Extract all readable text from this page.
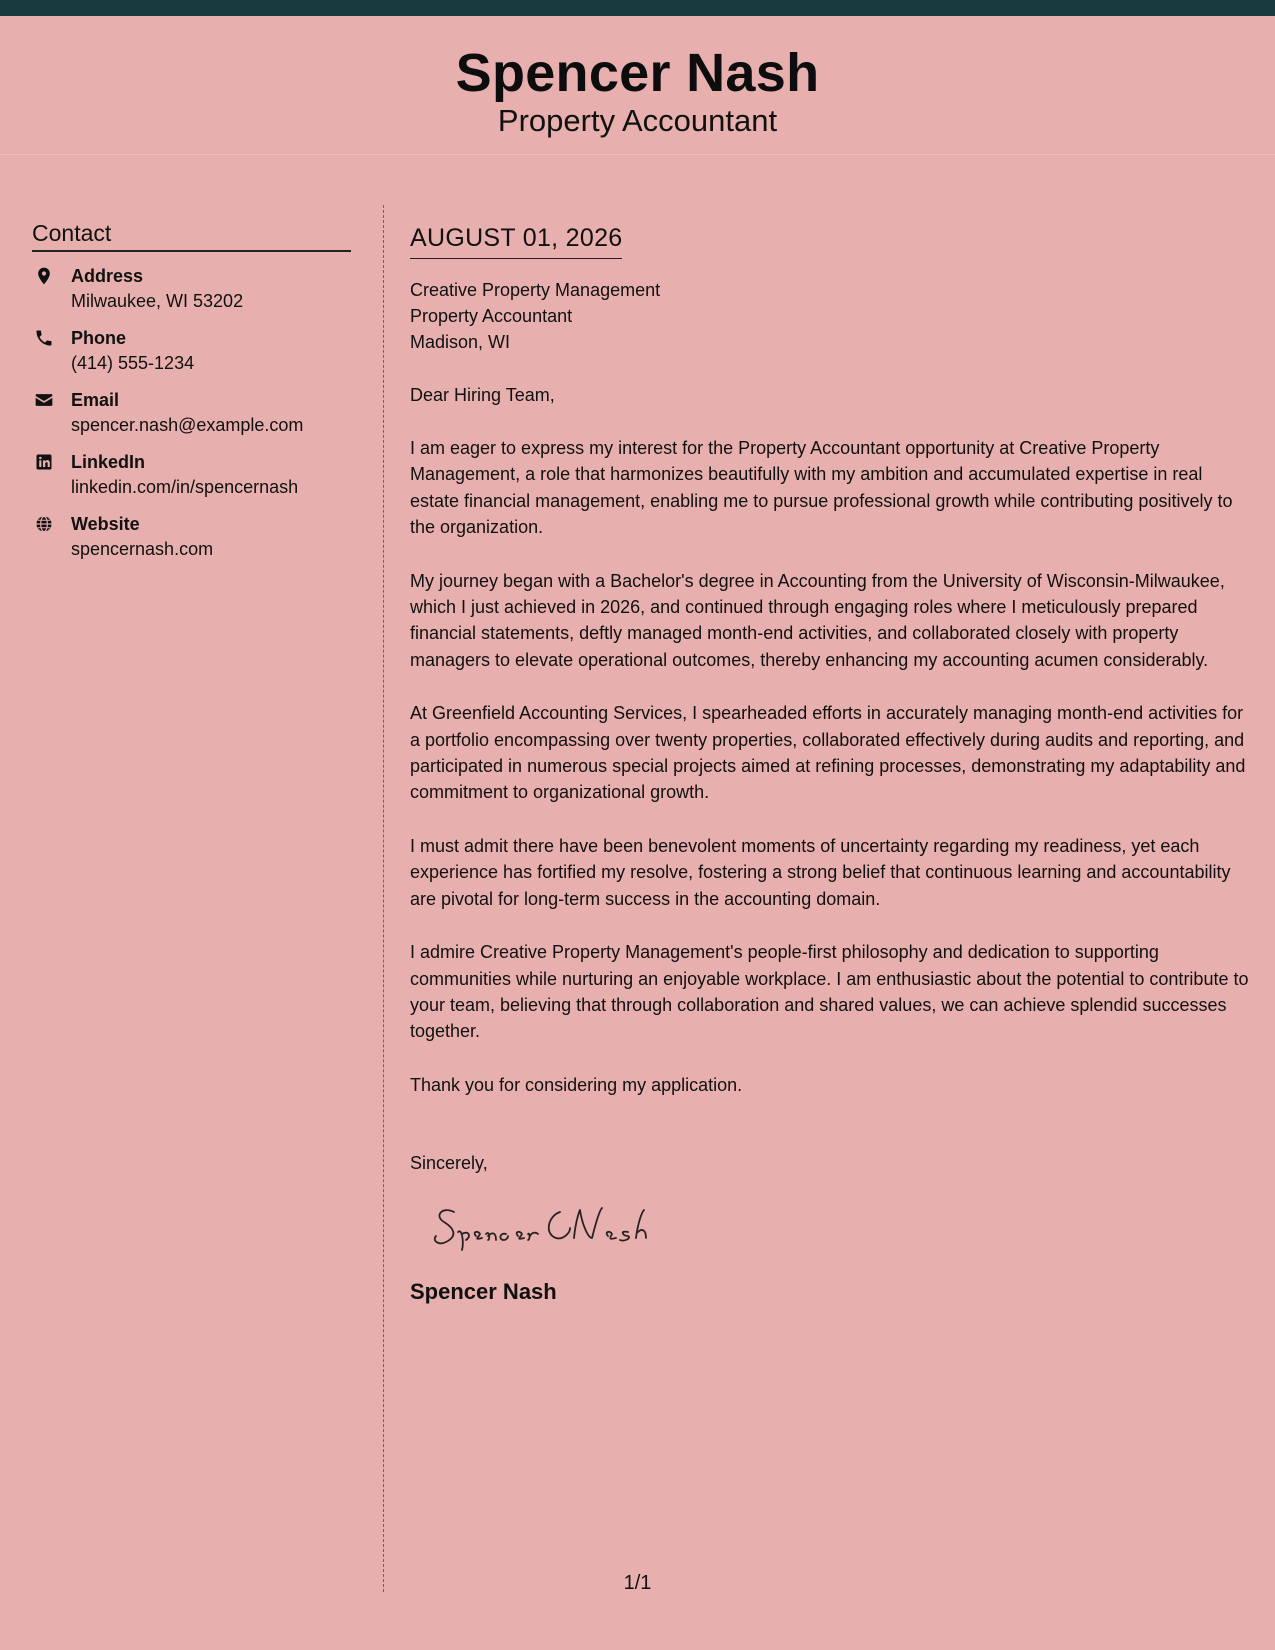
Spencer Nash
Property Accountant
Contact
Address
Milwaukee, WI 53202
Phone
(414) 555-1234
Email
spencer.nash@example.com
LinkedIn
linkedin.com/in/spencernash
Website
spencernash.com
AUGUST 01, 2026
Creative Property Management
Property Accountant
Madison, WI
Dear Hiring Team,
I am eager to express my interest for the Property Accountant opportunity at Creative Property Management, a role that harmonizes beautifully with my ambition and accumulated expertise in real estate financial management, enabling me to pursue professional growth while contributing positively to the organization.
My journey began with a Bachelor's degree in Accounting from the University of Wisconsin-Milwaukee, which I just achieved in 2026, and continued through engaging roles where I meticulously prepared financial statements, deftly managed month-end activities, and collaborated closely with property managers to elevate operational outcomes, thereby enhancing my accounting acumen considerably.
At Greenfield Accounting Services, I spearheaded efforts in accurately managing month-end activities for a portfolio encompassing over twenty properties, collaborated effectively during audits and reporting, and participated in numerous special projects aimed at refining processes, demonstrating my adaptability and commitment to organizational growth.
I must admit there have been benevolent moments of uncertainty regarding my readiness, yet each experience has fortified my resolve, fostering a strong belief that continuous learning and accountability are pivotal for long-term success in the accounting domain.
I admire Creative Property Management's people-first philosophy and dedication to supporting communities while nurturing an enjoyable workplace. I am enthusiastic about the potential to contribute to your team, believing that through collaboration and shared values, we can achieve splendid successes together.
Thank you for considering my application.
Sincerely,
Spencer Nash
1/1
